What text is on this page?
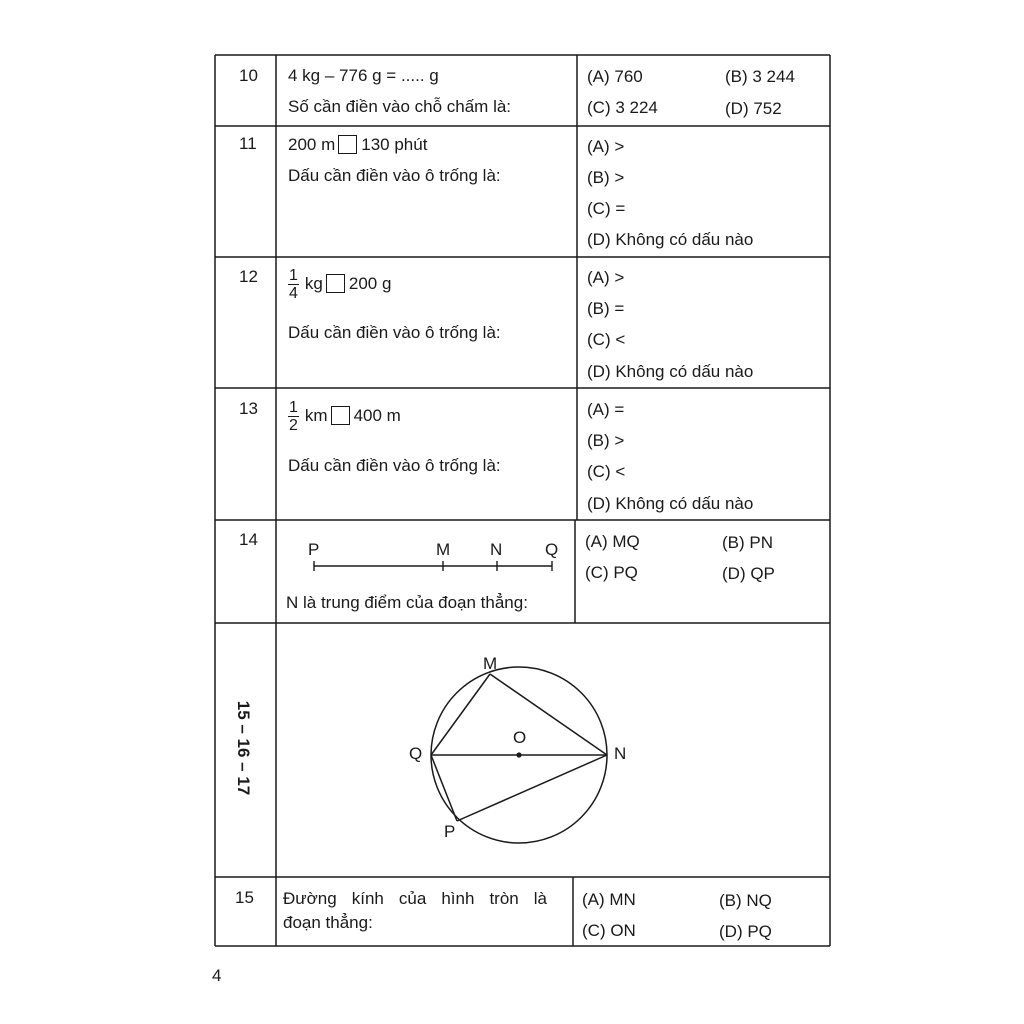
10 4 kg – 776 g = ..... g
Số cần điền vào chỗ chấm là:
(A) 760	(B) 3 244
(C) 3 224	(D) 752
11 200 m 130 phút
Dấu cần điền vào ô trống là:
(A) >
(B) >
(C) =
(D) Không có dấu nào
$12 \frac{1}{4}$ kg 200 g
Dấu cần điền vào ô trống là:
(A) >
(B) =
(C) <
(D) Không có dấu nào
$13 \frac{1}{2}$ km 400 m
Dấu cần điền vào ô trống là:
(A) =
(B) >
(C) <
(D) Không có dấu nào
14
P	M N	Q
N là trung điểm của đoạn thẳng:
(A) MQ	(B) PN
(C) PQ	(D) QP
15 – 16 – 17
M
O
Q	N
P
15 Đường kính của hình tròn là
đoạn thẳng:
(A) MN	(B) NQ
(C) ON	(D) PQ
4
